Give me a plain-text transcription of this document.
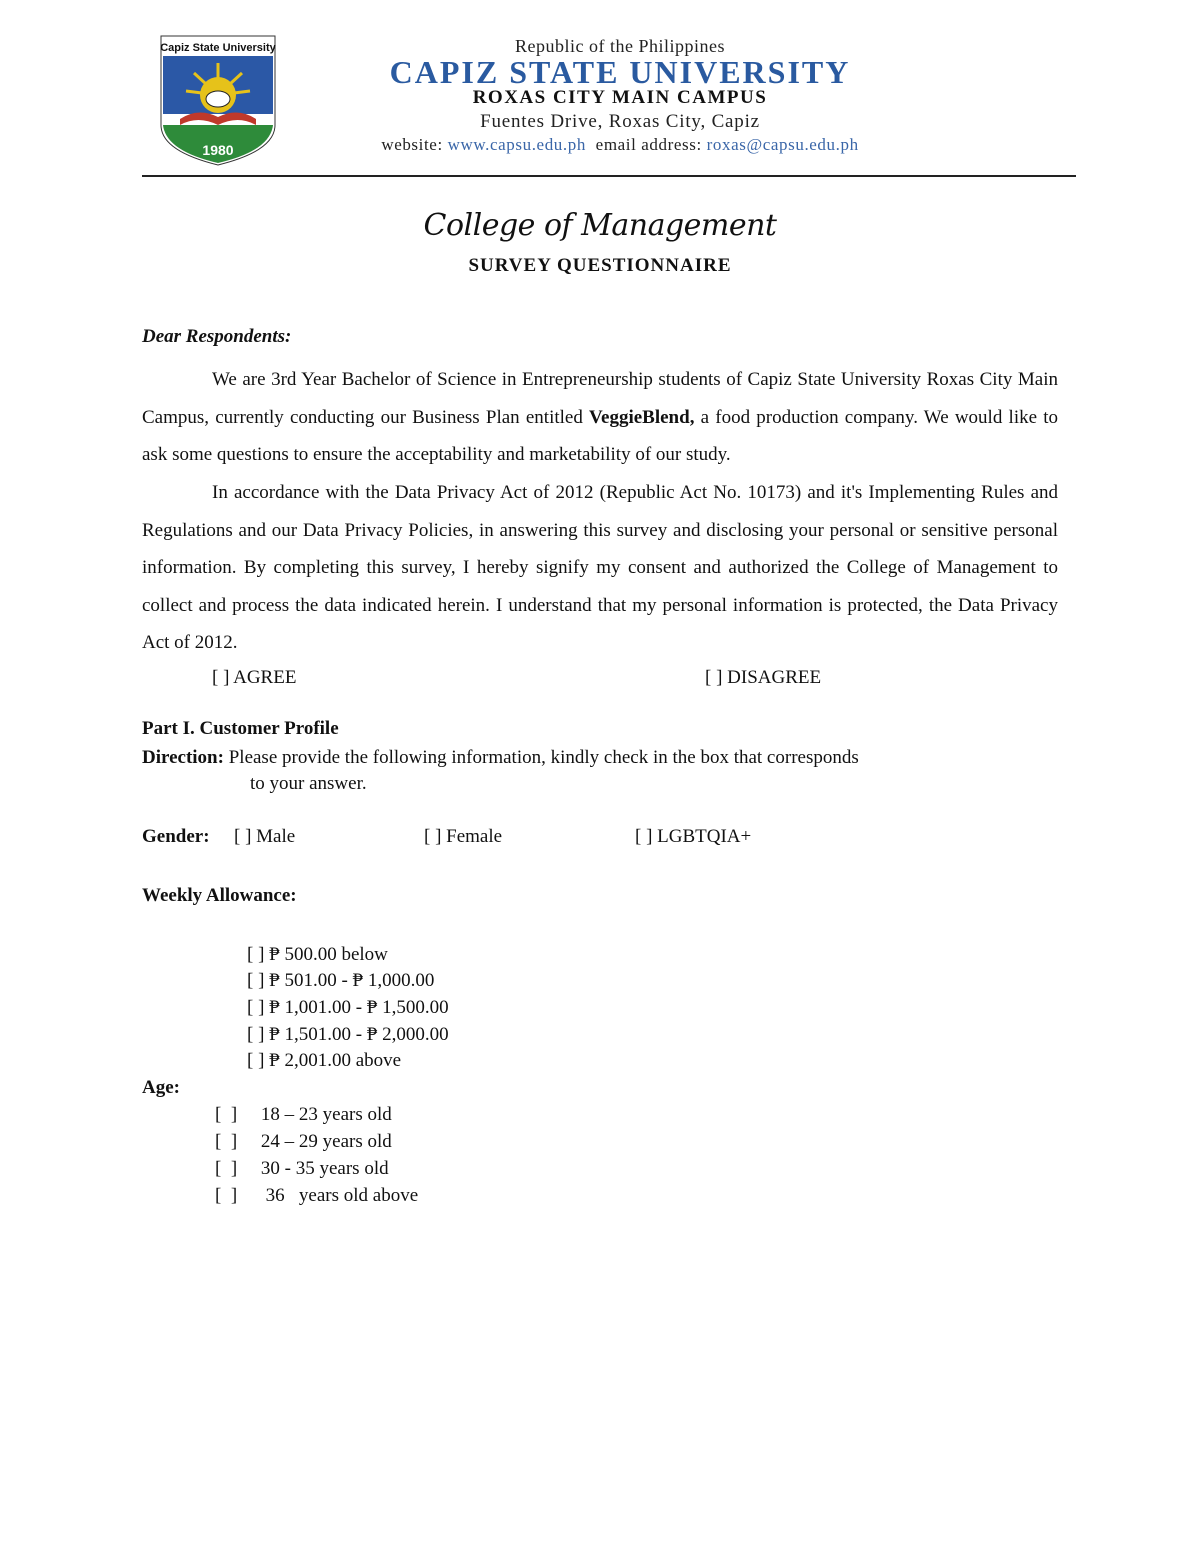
Capiz State University
1980
Republic of the Philippines
CAPIZ STATE UNIVERSITY
ROXAS CITY MAIN CAMPUS
Fuentes Drive, Roxas City, Capiz
website: www.capsu.edu.ph email address: roxas@capsu.edu.ph
College of Management
SURVEY QUESTIONNAIRE
Dear Respondents:

We are 3rd Year Bachelor of Science in Entrepreneurship students of Capiz State University Roxas City Main Campus, currently conducting our Business Plan entitled VeggieBlend, a food production company. We would like to ask some questions to ensure the acceptability and marketability of our study.

In accordance with the Data Privacy Act of 2012 (Republic Act No. 10173) and it's Implementing Rules and Regulations and our Data Privacy Policies, in answering this survey and disclosing your personal or sensitive personal information. By completing this survey, I hereby signify my consent and authorized the College of Management to collect and process the data indicated herein. I understand that my personal information is protected, the Data Privacy Act of 2012.

[ ] AGREE	[ ] DISAGREE
Part I. Customer Profile
Direction: Please provide the following information, kindly check in the box that corresponds
to your answer.
Gender: [ ] Male	[ ] Female	[ ] LGBTQIA+
Weekly Allowance:
[ ] ₱ 500.00 below
[ ] ₱ 501.00 - ₱ 1,000.00
[ ] ₱ 1,001.00 - ₱ 1,500.00
[ ] ₱ 1,501.00 - ₱ 2,000.00
[ ] ₱ 2,001.00 above
Age:
[  ]     18 – 23 years old
[  ]     24 – 29 years old
[  ]     30 - 35 years old
[  ]      36   years old above
